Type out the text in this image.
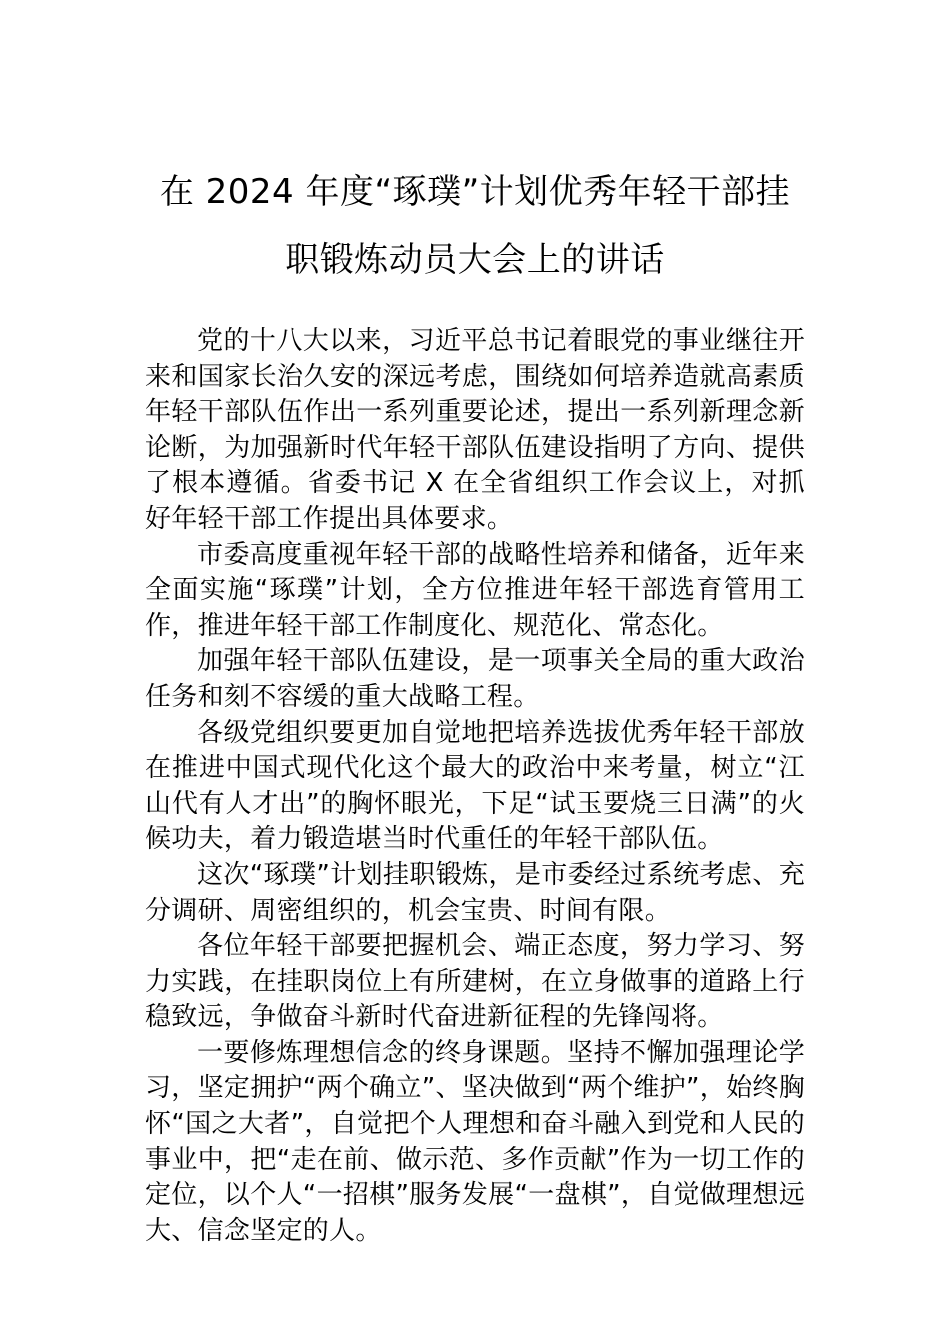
在 2024 年度“琢璞”计划优秀年轻干部挂

职锻炼动员大会上的讲话

党的十八大以来，习近平总书记着眼党的事业继往开来和国家长治久安的深远考虑，围绕如何培养造就高素质年轻干部队伍作出一系列重要论述，提出一系列新理念新论断，为加强新时代年轻干部队伍建设指明了方向、提供了根本遵循。省委书记 X 在全省组织工作会议上，对抓好年轻干部工作提出具体要求。

市委高度重视年轻干部的战略性培养和储备，近年来全面实施“琢璞”计划，全方位推进年轻干部选育管用工作，推进年轻干部工作制度化、规范化、常态化。

加强年轻干部队伍建设，是一项事关全局的重大政治任务和刻不容缓的重大战略工程。

各级党组织要更加自觉地把培养选拔优秀年轻干部放在推进中国式现代化这个最大的政治中来考量，树立“江山代有人才出”的胸怀眼光，下足“试玉要烧三日满”的火候功夫，着力锻造堪当时代重任的年轻干部队伍。

这次“琢璞”计划挂职锻炼，是市委经过系统考虑、充分调研、周密组织的，机会宝贵、时间有限。

各位年轻干部要把握机会、端正态度，努力学习、努力实践，在挂职岗位上有所建树，在立身做事的道路上行稳致远，争做奋斗新时代奋进新征程的先锋闯将。

一要修炼理想信念的终身课题。坚持不懈加强理论学习，坚定拥护“两个确立”、坚决做到“两个维护”，始终胸怀“国之大者”，自觉把个人理想和奋斗融入到党和人民的事业中，把“走在前、做示范、多作贡献”作为一切工作的定位，以个人“一招棋”服务发展“一盘棋”，自觉做理想远大、信念坚定的人。
